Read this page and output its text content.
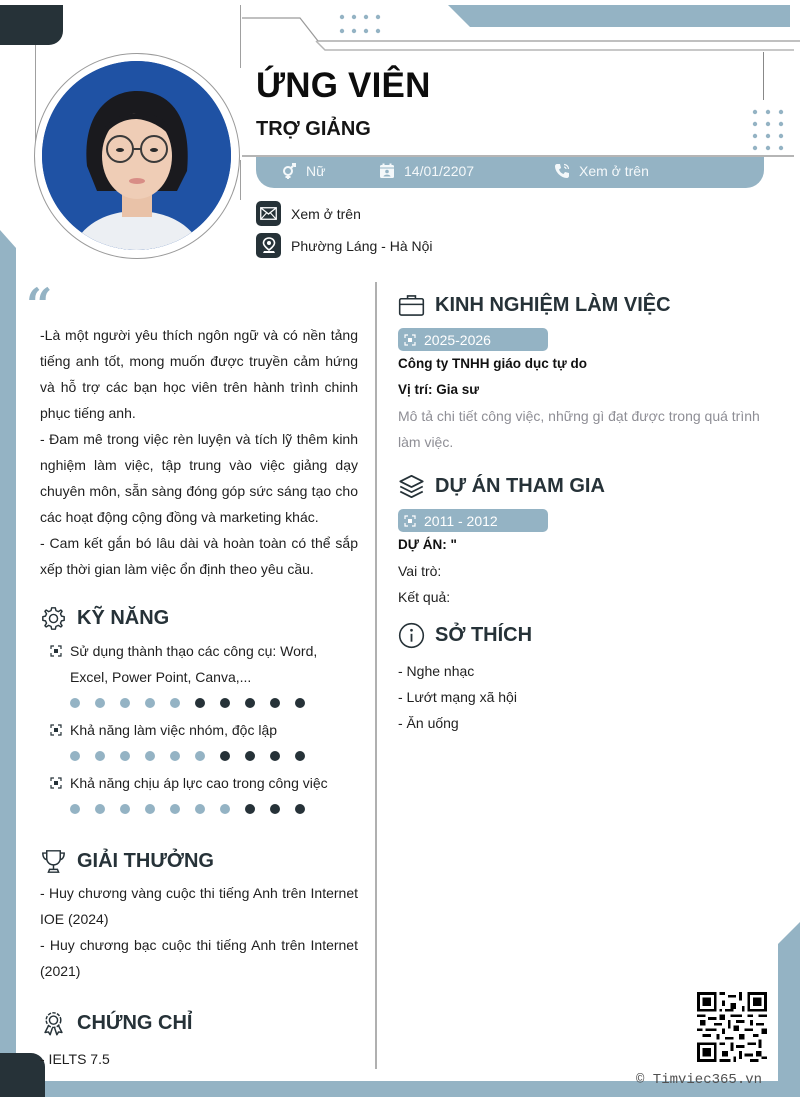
ỨNG VIÊN
TRỢ GIẢNG
Nữ	14/01/2207	Xem ở trên
Xem ở trên
Phường Láng - Hà Nội
“

-Là một người yêu thích ngôn ngữ và có nền tảng tiếng anh tốt, mong muốn được truyền cảm hứng và hỗ trợ các bạn học viên trên hành trình chinh phục tiếng anh.

- Đam mê trong việc rèn luyện và tích lỹ thêm kinh nghiệm làm việc, tập trung vào việc giảng dạy chuyên môn, sẵn sàng đóng góp sức sáng tạo cho các hoạt động cộng đồng và marketing khác.

- Cam kết gắn bó lâu dài và hoàn toàn có thể sắp xếp thời gian làm việc ổn định theo yêu cầu.

KỸ NĂNG
Sử dụng thành thạo các công cụ: Word, Excel, Power Point, Canva,...
Khả năng làm việc nhóm, độc lập
Khả năng chịu áp lực cao trong công việc
GIẢI THƯỞNG

- Huy chương vàng cuộc thi tiếng Anh trên Internet IOE (2024)

- Huy chương bạc cuộc thi tiếng Anh trên Internet (2021)

CHỨNG CHỈ

- IELTS 7.5

KINH NGHIỆM LÀM VIỆC
2025-2026
Công ty TNHH giáo dục tự do
Vị trí: Gia sư
Mô tả chi tiết công việc, những gì đạt được trong quá trình làm việc.
DỰ ÁN THAM GIA
2011 - 2012
DỰ ÁN: "
Vai trò:
Kết quả:
SỞ THÍCH
- Nghe nhạc
- Lướt mạng xã hội
- Ăn uống
© Timviec365.vn
